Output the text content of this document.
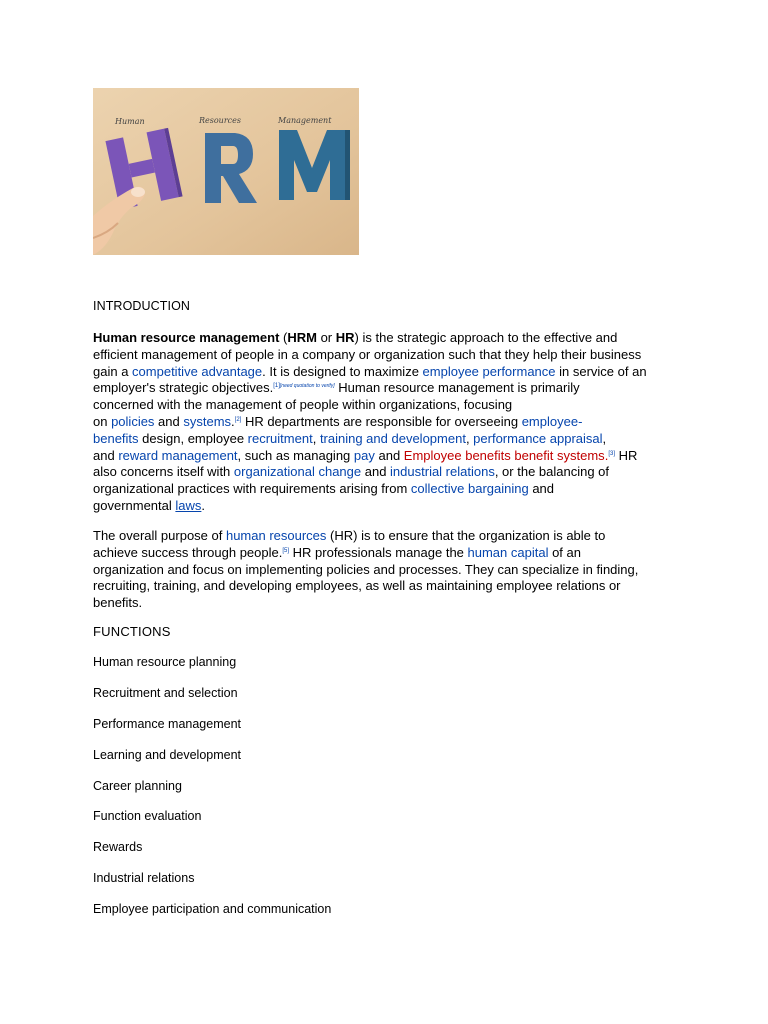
Human	Resources	Management
INTRODUCTION
Human resource management (HRM or HR) is the strategic approach to the effective and
efficient management of people in a company or organization such that they help their business
gain a competitive advantage. It is designed to maximize employee performance in service of an
employer's strategic objectives.[1][need quotation to verify] Human resource management is primarily
concerned with the management of people within organizations, focusing
on policies and systems.[2] HR departments are responsible for overseeing employee-
benefits design, employee recruitment, training and development, performance appraisal,
and reward management, such as managing pay and Employee benefits benefit systems.[3] HR
also concerns itself with organizational change and industrial relations, or the balancing of
organizational practices with requirements arising from collective bargaining and
governmental laws.
The overall purpose of human resources (HR) is to ensure that the organization is able to
achieve success through people.[5] HR professionals manage the human capital of an
organization and focus on implementing policies and processes. They can specialize in finding,
recruiting, training, and developing employees, as well as maintaining employee relations or
benefits.
FUNCTIONS
Human resource planning
Recruitment and selection
Performance management
Learning and development
Career planning
Function evaluation
Rewards
Industrial relations
Employee participation and communication
